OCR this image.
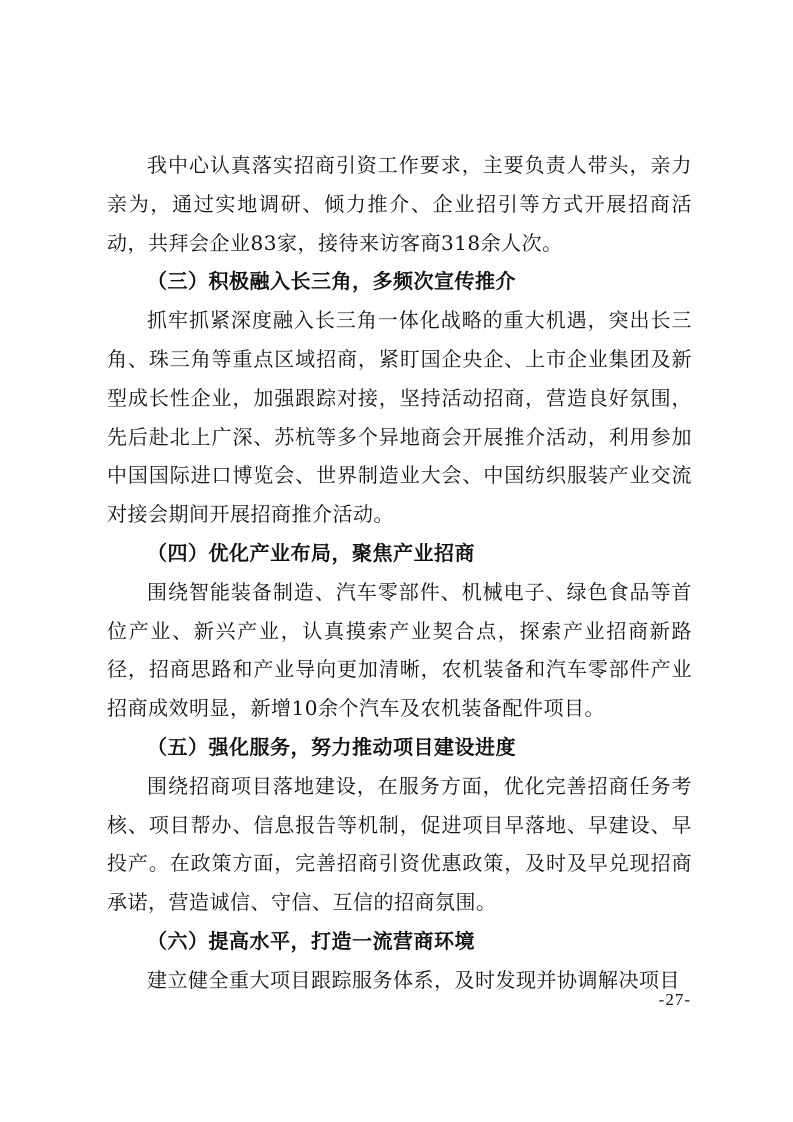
我中心认真落实招商引资工作要求，主要负责人带头，亲力亲为，通过实地调研、倾力推介、企业招引等方式开展招商活动，共拜会企业83家，接待来访客商318余人次。

（三）积极融入长三角，多频次宣传推介

抓牢抓紧深度融入长三角一体化战略的重大机遇，突出长三角、珠三角等重点区域招商，紧盯国企央企、上市企业集团及新型成长性企业，加强跟踪对接，坚持活动招商，营造良好氛围，先后赴北上广深、苏杭等多个异地商会开展推介活动，利用参加中国国际进口博览会、世界制造业大会、中国纺织服装产业交流对接会期间开展招商推介活动。

（四）优化产业布局，聚焦产业招商

围绕智能装备制造、汽车零部件、机械电子、绿色食品等首位产业、新兴产业，认真摸索产业契合点，探索产业招商新路径，招商思路和产业导向更加清晰，农机装备和汽车零部件产业招商成效明显，新增10余个汽车及农机装备配件项目。

（五）强化服务，努力推动项目建设进度

围绕招商项目落地建设，在服务方面，优化完善招商任务考核、项目帮办、信息报告等机制，促进项目早落地、早建设、早投产。在政策方面，完善招商引资优惠政策，及时及早兑现招商承诺，营造诚信、守信、互信的招商氛围。

（六）提高水平，打造一流营商环境

建立健全重大项目跟踪服务体系，及时发现并协调解决项目

-27-
